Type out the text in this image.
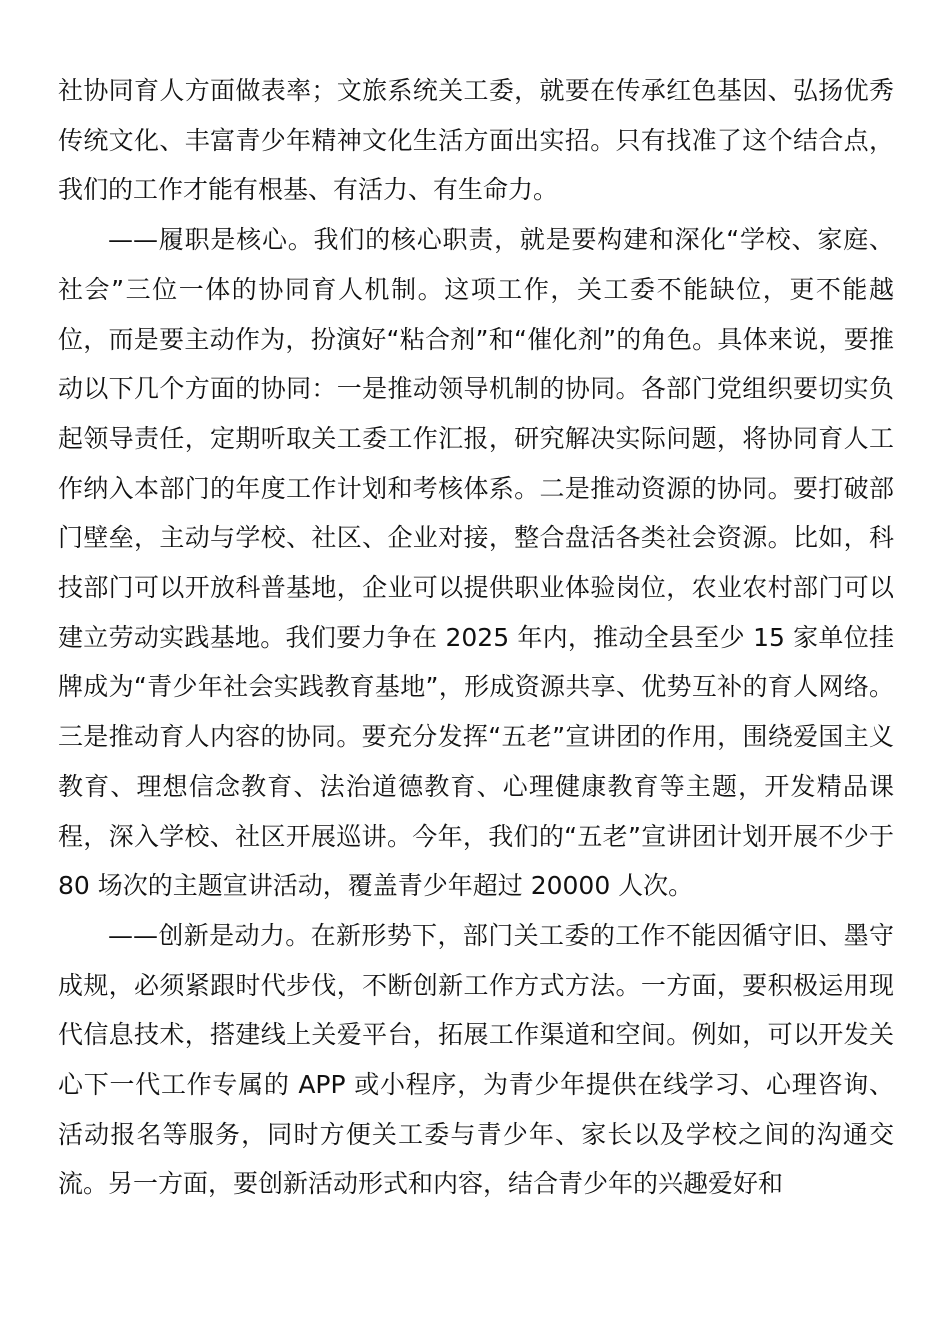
社协同育人方面做表率；文旅系统关工委，就要在传承红色基因、弘扬优秀传统文化、丰富青少年精神文化生活方面出实招。只有找准了这个结合点，我们的工作才能有根基、有活力、有生命力。

——履职是核心。我们的核心职责，就是要构建和深化“学校、家庭、社会”三位一体的协同育人机制。这项工作，关工委不能缺位，更不能越位，而是要主动作为，扮演好“粘合剂”和“催化剂”的角色。具体来说，要推动以下几个方面的协同：一是推动领导机制的协同。各部门党组织要切实负起领导责任，定期听取关工委工作汇报，研究解决实际问题，将协同育人工作纳入本部门的年度工作计划和考核体系。二是推动资源的协同。要打破部门壁垒，主动与学校、社区、企业对接，整合盘活各类社会资源。比如，科技部门可以开放科普基地，企业可以提供职业体验岗位，农业农村部门可以建立劳动实践基地。我们要力争在 2025 年内，推动全县至少 15 家单位挂牌成为“青少年社会实践教育基地”，形成资源共享、优势互补的育人网络。三是推动育人内容的协同。要充分发挥“五老”宣讲团的作用，围绕爱国主义教育、理想信念教育、法治道德教育、心理健康教育等主题，开发精品课程，深入学校、社区开展巡讲。今年，我们的“五老”宣讲团计划开展不少于 80 场次的主题宣讲活动，覆盖青少年超过 20000 人次。

——创新是动力。在新形势下，部门关工委的工作不能因循守旧、墨守成规，必须紧跟时代步伐，不断创新工作方式方法。一方面，要积极运用现代信息技术，搭建线上关爱平台，拓展工作渠道和空间。例如，可以开发关心下一代工作专属的 APP 或小程序，为青少年提供在线学习、心理咨询、活动报名等服务，同时方便关工委与青少年、家长以及学校之间的沟通交流。另一方面，要创新活动形式和内容，结合青少年的兴趣爱好和
